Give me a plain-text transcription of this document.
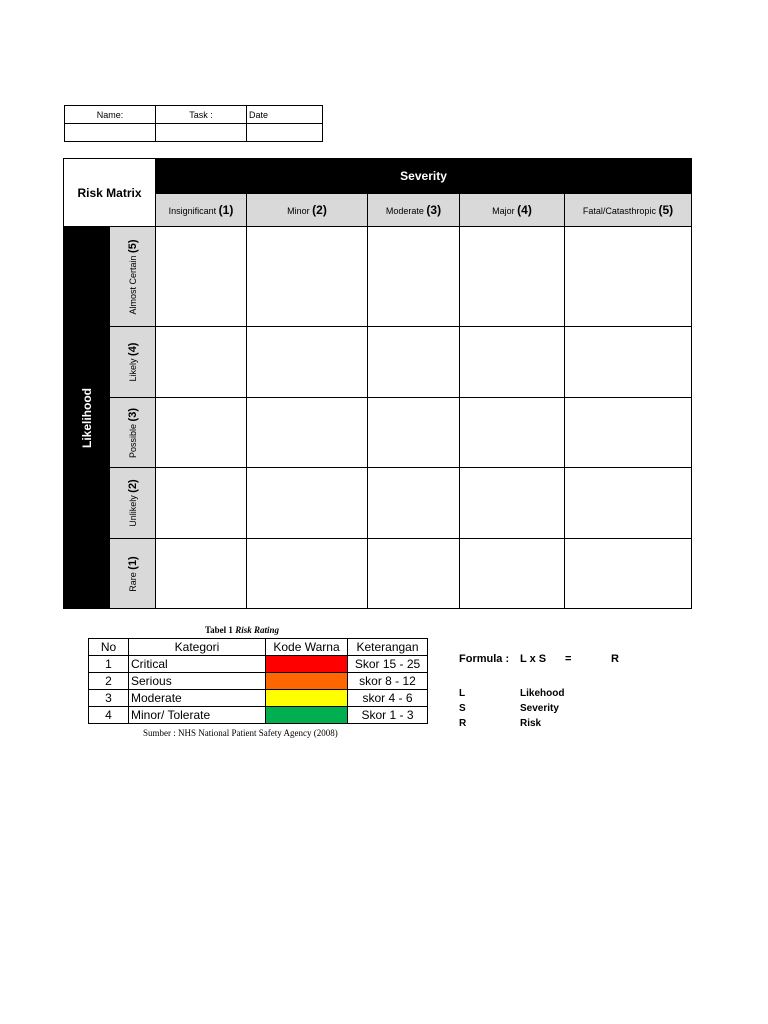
Name:	Task :	Date

Risk Matrix		Severity				
		Insignificant (1)	Minor (2)	Moderate (3)	Major (4)	Fatal/Catasthropic (5)

Likelihood	Almost Certain (5)					

	Likely (4)					

	Possible (3)					

	Unlikely (2)					

	Rare (1)					

Tabel 1 Risk Rating
No	Kategori	Kode Warna	Keterangan
1	Critical		Skor 15 - 25
2	Serious		skor 8 - 12
3	Moderate		skor 4 - 6
4	Minor/ Tolerate		Skor 1 - 3
Sumber : NHS National Patient Safety Agency (2008)
Formula : L x S =	R
L	Likehood
S	Severity
R	Risk
